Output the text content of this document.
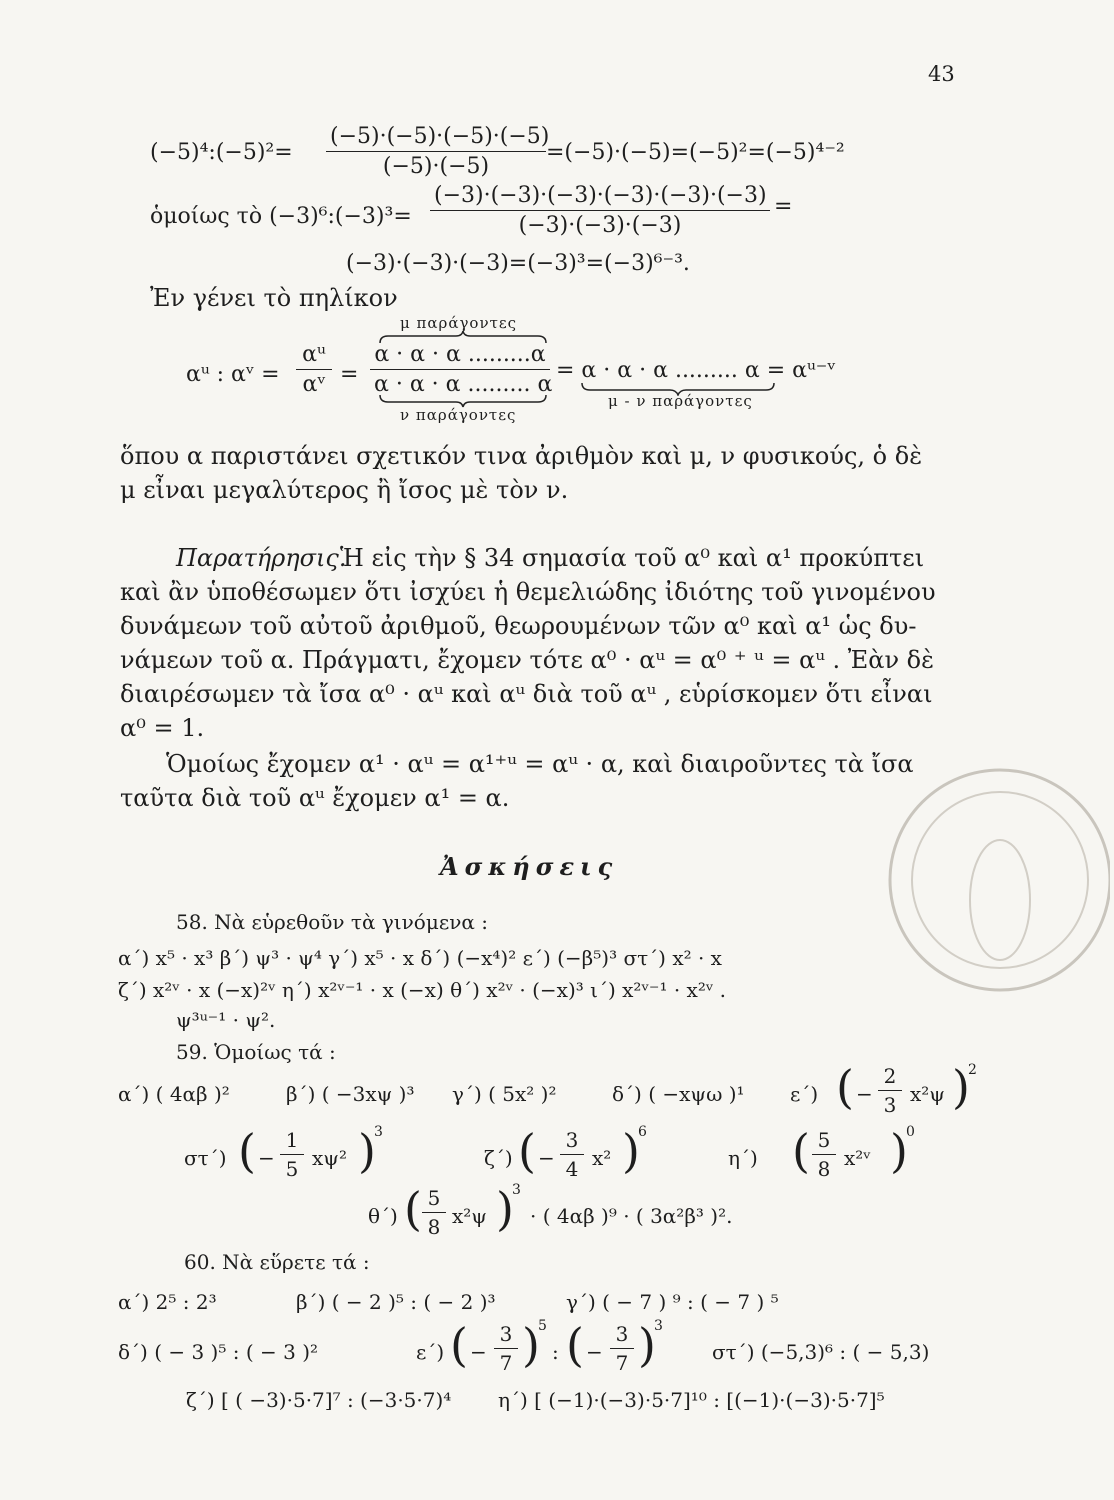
43
(−5)⁴:(−5)²= $\frac{(-5)\cdot(-5)\cdot(-5)\cdot(-5)}{(-5)\cdot(-5)} =(-5)\cdot(-5)=(-5)^2=(-5)^{4-2}$
ὁμοίως τὸ (−3)⁶:(−3)³= $\frac{(-3)\cdot(-3)\cdot(-3)\cdot(-3)\cdot(-3)\cdot(-3)}{(-3)\cdot(-3)\cdot(-3)}$ =
(−3)·(−3)·(−3)=(−3)³=(−3)⁶⁻³.
Ἐν γένει τὸ πηλίκον
μ παράγοντες
αᵘ : αᵛ = $\frac{\text{αᵘ}}{\text{αᵛ}} = \frac{\alpha \cdot \alpha \cdot \alpha .........\alpha}{\alpha \cdot \alpha \cdot \alpha ......... \alpha} = \alpha \cdot \alpha \cdot \alpha$ ......... α = αᵘ⁻ᵛ
ν παράγοντες
μ - ν παράγοντες
ὅπου α παριστάνει σχετικόν τινα ἀριθμὸν καὶ μ, ν φυσικούς, ὁ δὲ
μ εἶναι μεγαλύτερος ἢ ἴσος μὲ τὸν ν.
Παρατήρησις.
Ἡ εἰς τὴν § 34 σημασία τοῦ α⁰ καὶ α¹ προκύπτει
καὶ ἂν ὑποθέσωμεν ὅτι ἰσχύει ἡ θεμελιώδης ἰδιότης τοῦ γινομένου
δυνάμεων τοῦ αὐτοῦ ἀριθμοῦ, θεωρουμένων τῶν α⁰ καὶ α¹ ὡς δυ-
νάμεων τοῦ α. Πράγματι, ἔχομεν τότε α⁰ · αᵘ = α⁰ ⁺ ᵘ = αᵘ . Ἐὰν δὲ
διαιρέσωμεν τὰ ἴσα α⁰ · αᵘ καὶ αᵘ διὰ τοῦ αᵘ , εὑρίσκομεν ὅτι εἶναι
α⁰ = 1.
Ὁμοίως ἔχομεν α¹ · αᵘ = α¹⁺ᵘ = αᵘ · α, καὶ διαιροῦντες τὰ ἴσα
ταῦτα διὰ τοῦ αᵘ ἔχομεν α¹ = α.
Ἀσκήσεις
58. Νὰ εὑρεθοῦν τὰ γινόμενα :
α΄) x⁵ · x³ β΄) ψ³ · ψ⁴ γ΄) x⁵ · x δ΄) (−x⁴)² ε΄) (−β⁵)³ στ΄) x² · x
ζ΄) x²ᵛ · x (−x)²ᵛ η΄) x²ᵛ⁻¹ · x (−x) θ΄) x²ᵛ · (−x)³ ι΄) x²ᵛ⁻¹ · x²ᵛ .
ψ³ᵘ⁻¹ · ψ².
59. Ὁμοίως τά :
α΄) ( 4αβ )²	β΄) ( −3xψ )³ γ΄) ( 5x² )²	δ΄) ( −xψω )¹ ε΄) ( − $\frac{2}{3} x^2\psi$ )
2
στ΄) ( − $\frac{1}{5} x\psi^2$ )
3
ζ΄) ( − $\frac{3}{4} x^2$ )
6
η΄) ( $\frac{5}{8}$ x²ᵛ )
0
θ΄) ( $\frac{5}{8} x^2\psi$ )
3
· ( 4αβ )⁹ · ( 3α²β³ )².
60. Νὰ εὕρετε τά :
α΄) 2⁵ : 2³	β΄) ( − 2 )⁵ : ( − 2 )³	γ΄) ( − 7 ) ⁹ : ( − 7 ) ⁵
δ΄) ( − 3 )⁵ : ( − 3 )²	ε΄) ( − $\frac{3}{7}$ )
5
: ( − $\frac{3}{7}$ )
3
στ΄) (−5,3)⁶ : ( − 5,3)
ζ΄) [ ( −3)·5·7]⁷ : (−3·5·7)⁴ η΄) [ (−1)·(−3)·5·7]¹⁰ : [(−1)·(−3)·5·7]⁵
